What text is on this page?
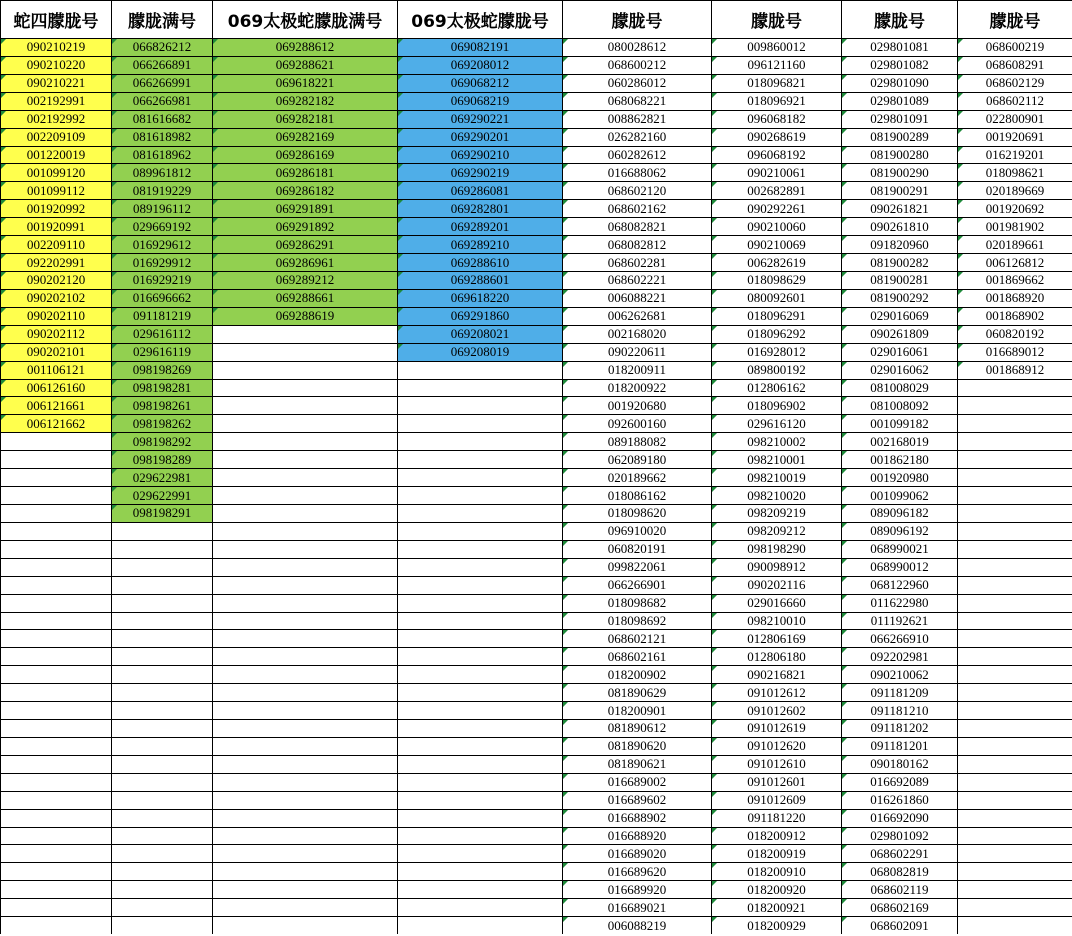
蛇四朦胧号	朦胧满号	069太极蛇朦胧满号	069太极蛇朦胧号	朦胧号	朦胧号	朦胧号	朦胧号
090210219	066826212	069288612	069082191	080028612	009860012	029801081	068600219
090210220	066266891	069288621	069208012	068600212	096121160	029801082	068608291
090210221	066266991	069618221	069068212	060286012	018096821	029801090	068602129
002192991	066266981	069282182	069068219	068068221	018096921	029801089	068602112
002192992	081616682	069282181	069290221	008862821	096068182	029801091	022800901
002209109	081618982	069282169	069290201	026282160	090268619	081900289	001920691
001220019	081618962	069286169	069290210	060282612	096068192	081900280	016219201
001099120	089961812	069286181	069290219	016688062	090210061	081900290	018098621
001099112	081919229	069286182	069286081	068602120	002682891	081900291	020189669
001920992	089196112	069291891	069282801	068602162	090292261	090261821	001920692
001920991	029669192	069291892	069289201	068082821	090210060	090261810	001981902
002209110	016929612	069286291	069289210	068082812	090210069	091820960	020189661
092202991	016929912	069286961	069288610	068602281	006282619	081900282	006126812
090202120	016929219	069289212	069288601	068602221	018098629	081900281	001869662
090202102	016696662	069288661	069618220	006088221	080092601	081900292	001868920
090202110	091181219	069288619	069291860	006262681	018096291	029016069	001868902
090202112	029616112		069208021	002168020	018096292	090261809	060820192
090202101	029616119		069208019	090220611	016928012	029016061	016689012
001106121	098198269			018200911	089800192	029016062	001868912
006126160	098198281			018200922	012806162	081008029	
006121661	098198261			001920680	018096902	081008092	
006121662	098198262			092600160	029616120	001099182	
	098198292			089188082	098210002	002168019	
	098198289			062089180	098210001	001862180	
	029622981			020189662	098210019	001920980	
	029622991			018086162	098210020	001099062	
	098198291			018098620	098209219	089096182	
				096910020	098209212	089096192	
				060820191	098198290	068990021	
				099822061	090098912	068990012	
				066266901	090202116	068122960	
				018098682	029016660	011622980	
				018098692	098210010	011192621	
				068602121	012806169	066266910	
				068602161	012806180	092202981	
				018200902	090216821	090210062	
				081890629	091012612	091181209	
				018200901	091012602	091181210	
				081890612	091012619	091181202	
				081890620	091012620	091181201	
				081890621	091012610	090180162	
				016689002	091012601	016692089	
				016689602	091012609	016261860	
				016688902	091181220	016692090	
				016688920	018200912	029801092	
				016689020	018200919	068602291	
				016689620	018200910	068082819	
				016689920	018200920	068602119	
				016689021	018200921	068602169	
				006088219	018200929	068602091	
